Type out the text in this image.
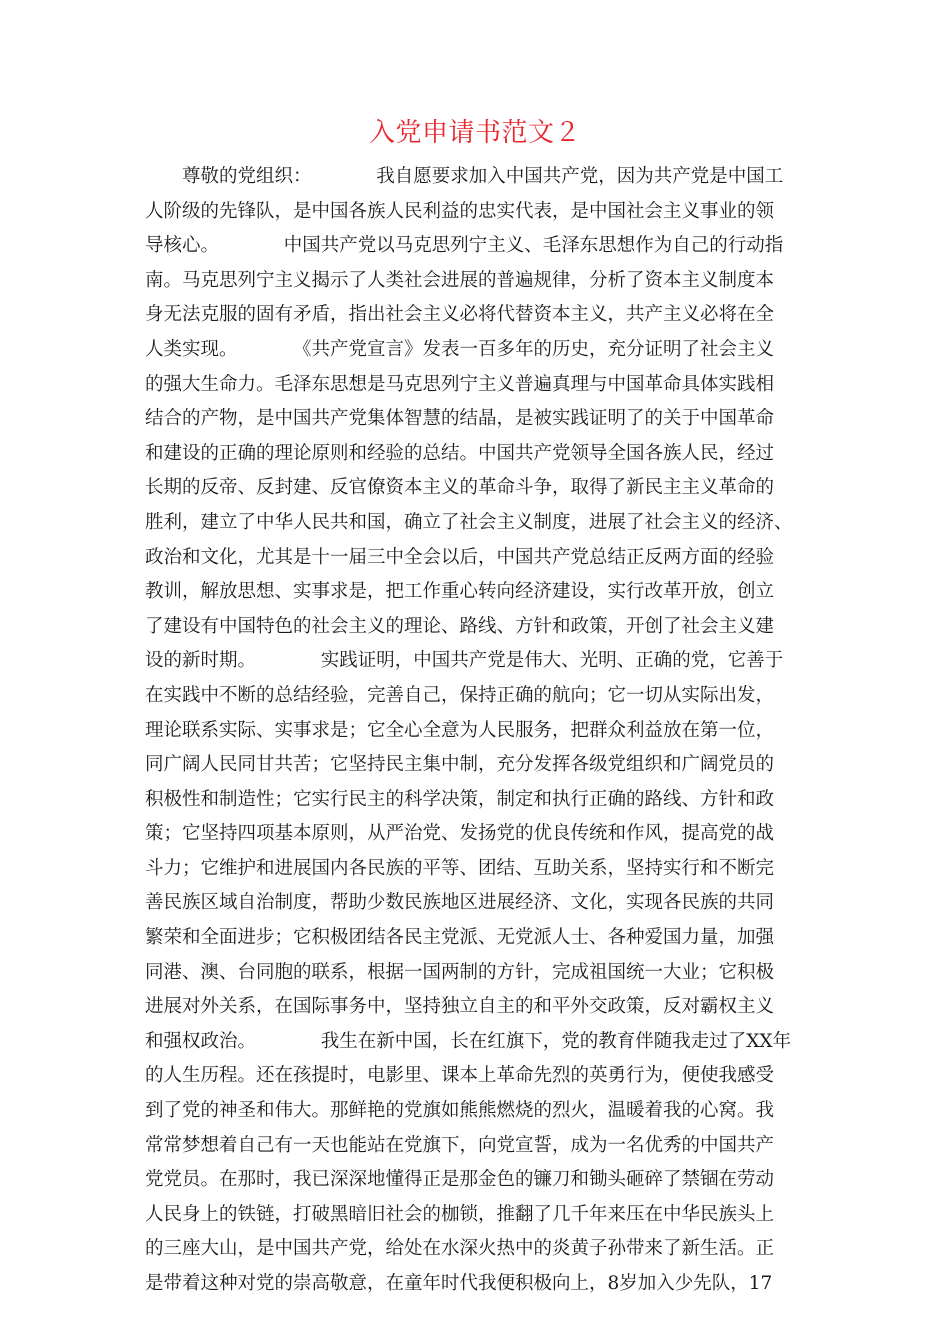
入党申请书范文２
　　尊敬的党组织：　　　　我自愿要求加入中国共产党，因为共产党是中国工
人阶级的先锋队，是中国各族人民利益的忠实代表，是中国社会主义事业的领
导核心。　　　　中国共产党以马克思列宁主义、毛泽东思想作为自己的行动指
南。马克思列宁主义揭示了人类社会进展的普遍规律，分析了资本主义制度本
身无法克服的固有矛盾，指出社会主义必将代替资本主义，共产主义必将在全
人类实现。　　　　《共产党宣言》发表一百多年的历史，充分证明了社会主义
的强大生命力。毛泽东思想是马克思列宁主义普遍真理与中国革命具体实践相
结合的产物，是中国共产党集体智慧的结晶，是被实践证明了的关于中国革命
和建设的正确的理论原则和经验的总结。中国共产党领导全国各族人民，经过
长期的反帝、反封建、反官僚资本主义的革命斗争，取得了新民主主义革命的
胜利，建立了中华人民共和国，确立了社会主义制度，进展了社会主义的经济、
政治和文化，尤其是十一届三中全会以后，中国共产党总结正反两方面的经验
教训，解放思想、实事求是，把工作重心转向经济建设，实行改革开放，创立
了建设有中国特色的社会主义的理论、路线、方针和政策，开创了社会主义建
设的新时期。　　　　实践证明，中国共产党是伟大、光明、正确的党，它善于
在实践中不断的总结经验，完善自己，保持正确的航向；它一切从实际出发，
理论联系实际、实事求是；它全心全意为人民服务，把群众利益放在第一位，
同广阔人民同甘共苦；它坚持民主集中制，充分发挥各级党组织和广阔党员的
积极性和制造性；它实行民主的科学决策，制定和执行正确的路线、方针和政
策；它坚持四项基本原则，从严治党、发扬党的优良传统和作风，提高党的战
斗力；它维护和进展国内各民族的平等、团结、互助关系，坚持实行和不断完
善民族区域自治制度，帮助少数民族地区进展经济、文化，实现各民族的共同
繁荣和全面进步；它积极团结各民主党派、无党派人士、各种爱国力量，加强
同港、澳、台同胞的联系，根据一国两制的方针，完成祖国统一大业；它积极
进展对外关系，在国际事务中，坚持独立自主的和平外交政策，反对霸权主义
和强权政治。　　　　我生在新中国，长在红旗下，党的教育伴随我走过了XX年
的人生历程。还在孩提时，电影里、课本上革命先烈的英勇行为，便使我感受
到了党的神圣和伟大。那鲜艳的党旗如熊熊燃烧的烈火，温暖着我的心窝。我
常常梦想着自己有一天也能站在党旗下，向党宣誓，成为一名优秀的中国共产
党党员。在那时，我已深深地懂得正是那金色的镰刀和锄头砸碎了禁锢在劳动
人民身上的铁链，打破黑暗旧社会的枷锁，推翻了几千年来压在中华民族头上
的三座大山，是中国共产党，给处在水深火热中的炎黄子孙带来了新生活。正
是带着这种对党的崇高敬意，在童年时代我便积极向上，8岁加入少先队，17
